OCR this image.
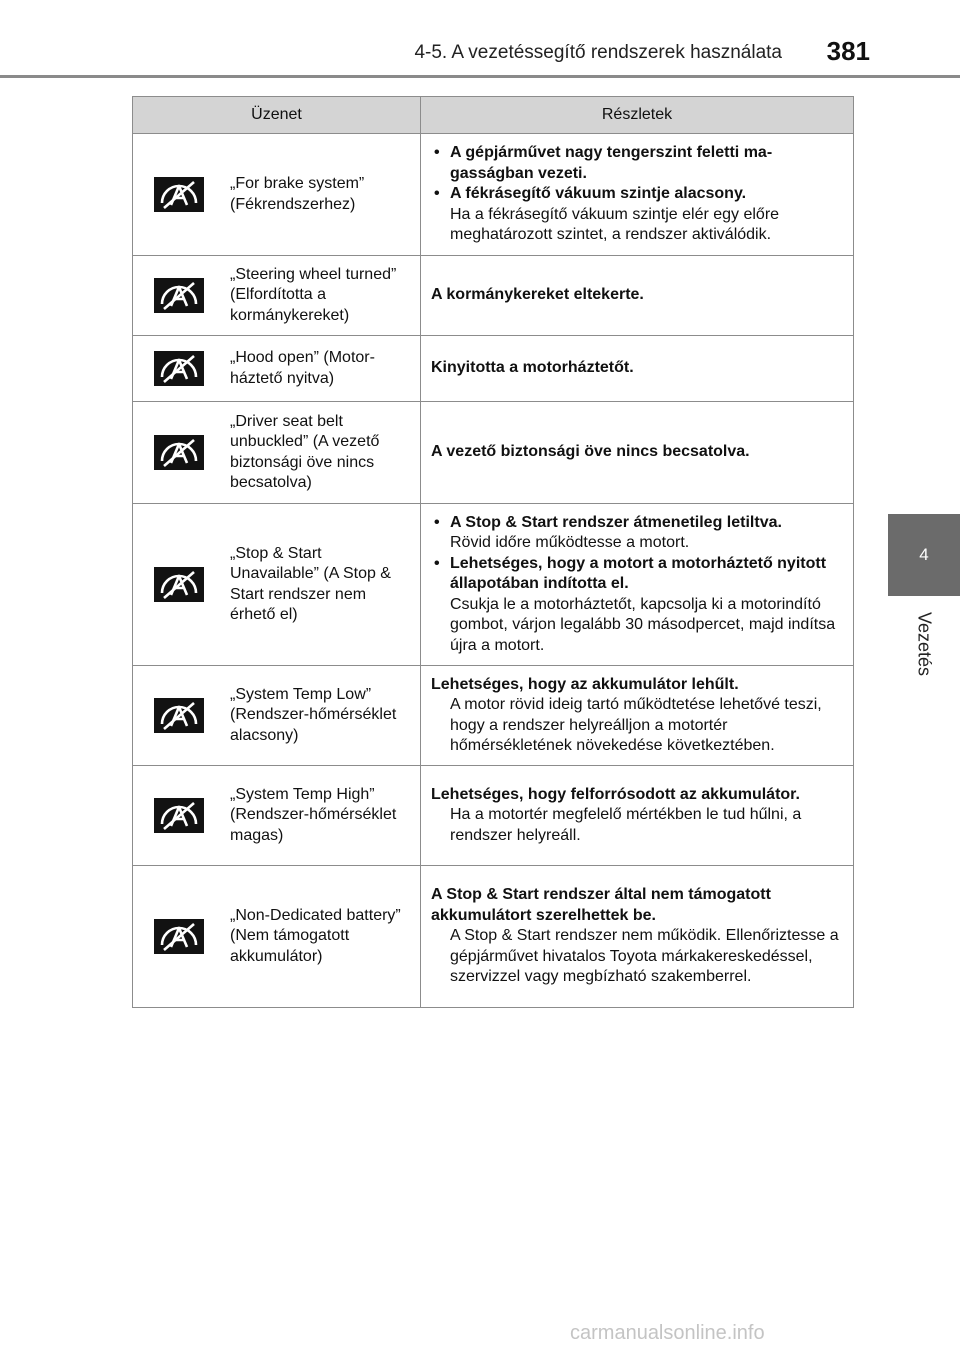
4-5. A vezetéssegítő rendszerek használata	381
4
Vezetés
Üzenet	Részletek

„For brake system” (Fékrendszerhez)	• A gépjárművet nagy tengerszint feletti magasságban vezeti.
• A fékrásegítő vákuum szintje alacsony.
Ha a fékrásegítő vákuum szintje elér egy előre meghatározott szintet, a rendszer aktiválódik.

„Steering wheel turned” (Elfordította a kormánykereket)	A kormánykereket eltekerte.

„Hood open” (Motorháztető nyitva)	Kinyitotta a motorháztetőt.

„Driver seat belt unbuckled” (A vezető biztonsági öve nincs becsatolva)	A vezető biztonsági öve nincs becsatolva.

„Stop & Start Unavailable” (A Stop & Start rendszer nem érhető el)	• A Stop & Start rendszer átmenetileg letiltva.
Rövid időre működtesse a motort.
• Lehetséges, hogy a motort a motorháztető nyitott állapotában indította el.
Csukja le a motorháztetőt, kapcsolja ki a motorindító gombot, várjon legalább 30 másodpercet, majd indítsa újra a motort.

„System Temp Low” (Rendszer-hőmérséklet alacsony)	Lehetséges, hogy az akkumulátor lehűlt.
A motor rövid ideig tartó működtetése lehetővé teszi, hogy a rendszer helyreálljon a motortér hőmérsékletének növekedése következtében.

„System Temp High” (Rendszer-hőmérséklet magas)	Lehetséges, hogy felforrósodott az akkumulátor.
Ha a motortér megfelelő mértékben le tud hűlni, a rendszer helyreáll.

„Non-Dedicated battery” (Nem támogatott akkumulátor)	A Stop & Start rendszer által nem támogatott akkumulátort szerelhettek be.
A Stop & Start rendszer nem működik. Ellenőriztesse a gépjárművet hivatalos Toyota márkakereskedéssel, szervizzel vagy megbízható szakemberrel.
carmanualsonline.info
